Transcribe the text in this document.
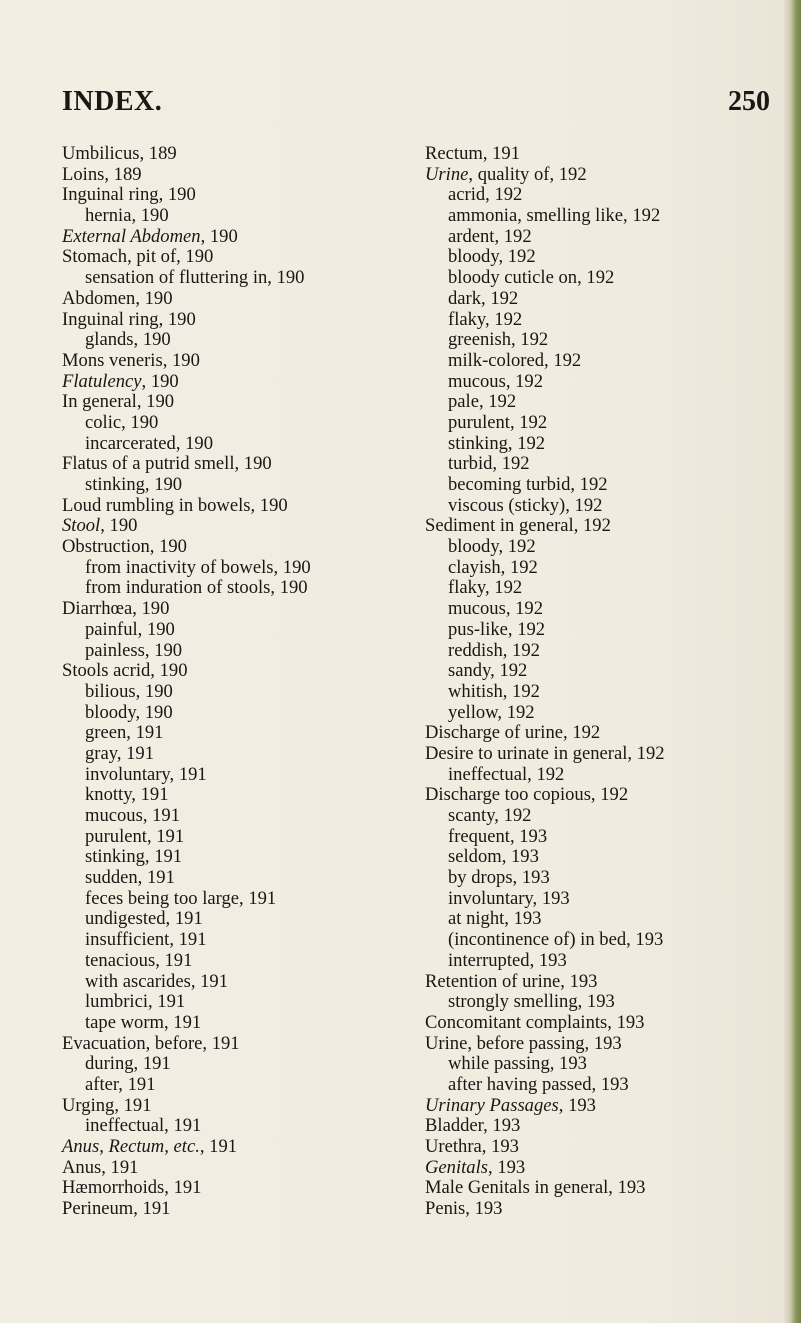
INDEX.	250
Umbilicus, 189
Loins, 189
Inguinal ring, 190
hernia, 190
External Abdomen, 190
Stomach, pit of, 190
sensation of fluttering in, 190
Abdomen, 190
Inguinal ring, 190
glands, 190
Mons veneris, 190
Flatulency, 190
In general, 190
colic, 190
incarcerated, 190
Flatus of a putrid smell, 190
stinking, 190
Loud rumbling in bowels, 190
Stool, 190
Obstruction, 190
from inactivity of bowels, 190
from induration of stools, 190
Diarrhœa, 190
painful, 190
painless, 190
Stools acrid, 190
bilious, 190
bloody, 190
green, 191
gray, 191
involuntary, 191
knotty, 191
mucous, 191
purulent, 191
stinking, 191
sudden, 191
feces being too large, 191
undigested, 191
insufficient, 191
tenacious, 191
with ascarides, 191
lumbrici, 191
tape worm, 191
Evacuation, before, 191
during, 191
after, 191
Urging, 191
ineffectual, 191
Anus, Rectum, etc., 191
Anus, 191
Hæmorrhoids, 191
Perineum, 191
Rectum, 191
Urine, quality of, 192
acrid, 192
ammonia, smelling like, 192
ardent, 192
bloody, 192
bloody cuticle on, 192
dark, 192
flaky, 192
greenish, 192
milk-colored, 192
mucous, 192
pale, 192
purulent, 192
stinking, 192
turbid, 192
becoming turbid, 192
viscous (sticky), 192
Sediment in general, 192
bloody, 192
clayish, 192
flaky, 192
mucous, 192
pus-like, 192
reddish, 192
sandy, 192
whitish, 192
yellow, 192
Discharge of urine, 192
Desire to urinate in general, 192
ineffectual, 192
Discharge too copious, 192
scanty, 192
frequent, 193
seldom, 193
by drops, 193
involuntary, 193
at night, 193
(incontinence of) in bed, 193
interrupted, 193
Retention of urine, 193
strongly smelling, 193
Concomitant complaints, 193
Urine, before passing, 193
while passing, 193
after having passed, 193
Urinary Passages, 193
Bladder, 193
Urethra, 193
Genitals, 193
Male Genitals in general, 193
Penis, 193
